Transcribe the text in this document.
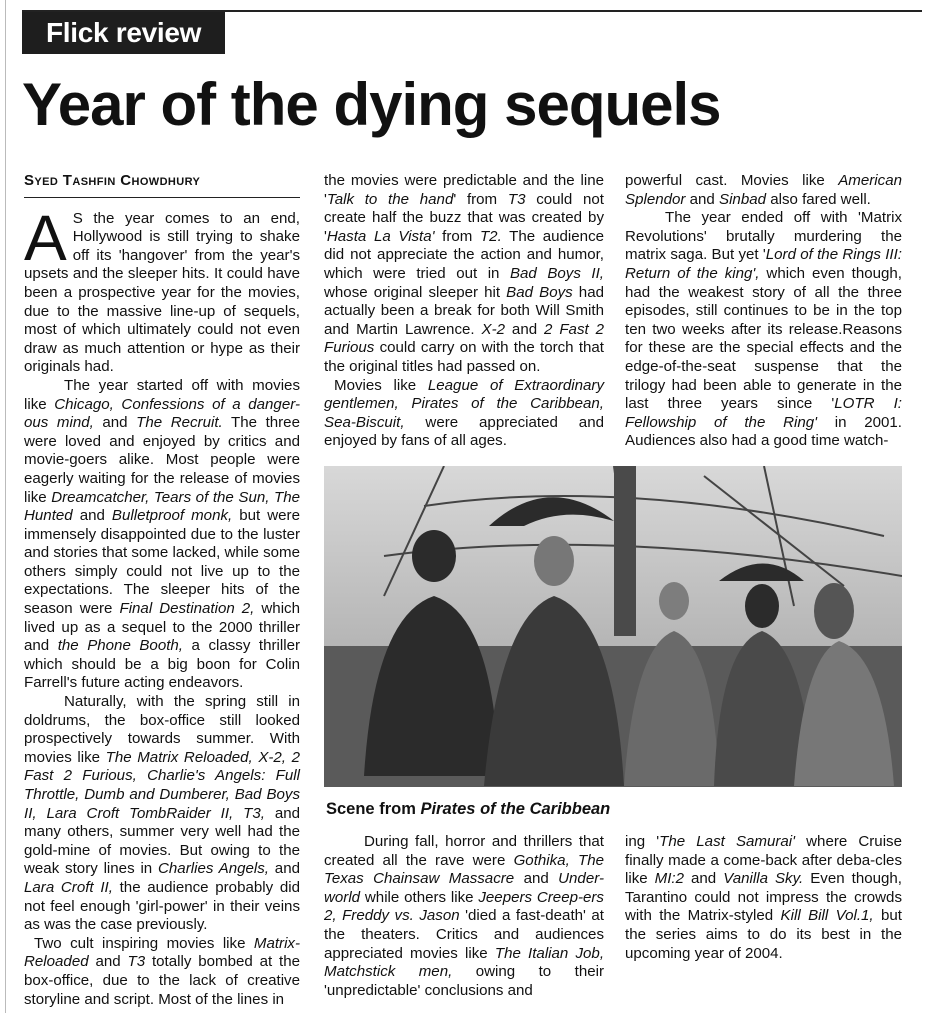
Flick review
Year of the dying sequels
Syed Tashfin Chowdhury

A S the year comes to an end, Hollywood is still trying to shake off its 'hangover' from the year's upsets and the sleeper hits. It could have been a prospective year for the movies, due to the massive line-up of sequels, most of which ultimately could not even draw as much attention or hype as their originals had.

The year started off with movies like Chicago, Confessions of a danger-ous mind, and The Recruit. The three were loved and enjoyed by critics and movie-goers alike. Most people were eagerly waiting for the release of movies like Dreamcatcher, Tears of the Sun, The Hunted and Bulletproof monk, but were immensely disappointed due to the luster and stories that some lacked, while some others simply could not live up to the expectations. The sleeper hits of the season were Final Destination 2, which lived up as a sequel to the 2000 thriller and the Phone Booth, a classy thriller which should be a big boon for Colin Farrell's future acting endeavors.

Naturally, with the spring still in doldrums, the box-office still looked prospectively towards summer. With movies like The Matrix Reloaded, X-2, 2 Fast 2 Furious, Charlie's Angels: Full Throttle, Dumb and Dumberer, Bad Boys II, Lara Croft TombRaider II, T3, and many others, summer very well had the gold-mine of movies. But owing to the weak story lines in Charlies Angels, and Lara Croft II, the audience probably did not feel enough 'girl-power' in their veins as was the case previously.

Two cult inspiring movies like Matrix-Reloaded and T3 totally bombed at the box-office, due to the lack of creative storyline and script. Most of the lines in

the movies were predictable and the line 'Talk to the hand' from T3 could not create half the buzz that was created by 'Hasta La Vista' from T2. The audience did not appreciate the action and humor, which were tried out in Bad Boys II, whose original sleeper hit Bad Boys had actually been a break for both Will Smith and Martin Lawrence. X-2 and 2 Fast 2 Furious could carry on with the torch that the original titles had passed on.

Movies like League of Extraordinary gentlemen, Pirates of the Caribbean, Sea-Biscuit, were appreciated and enjoyed by fans of all ages.

powerful cast. Movies like American Splendor and Sinbad also fared well.

The year ended off with 'Matrix Revolutions' brutally murdering the matrix saga. But yet 'Lord of the Rings III: Return of the king', which even though, had the weakest story of all the three episodes, still continues to be in the top ten two weeks after its release.Reasons for these are the special effects and the edge-of-the-seat suspense that the trilogy had been able to generate in the last three years since 'LOTR I: Fellowship of the Ring' in 2001. Audiences also had a good time watch-

Scene from Pirates of the Caribbean

During fall, horror and thrillers that created all the rave were Gothika, The Texas Chainsaw Massacre and Under-world while others like Jeepers Creep-ers 2, Freddy vs. Jason 'died a fast-death' at the theaters. Critics and audiences appreciated movies like The Italian Job, Matchstick men, owing to their 'unpredictable' conclusions and

ing 'The Last Samurai' where Cruise finally made a come-back after deba-cles like MI:2 and Vanilla Sky. Even though, Tarantino could not impress the crowds with the Matrix-styled Kill Bill Vol.1, but the series aims to do its best in the upcoming year of 2004.
